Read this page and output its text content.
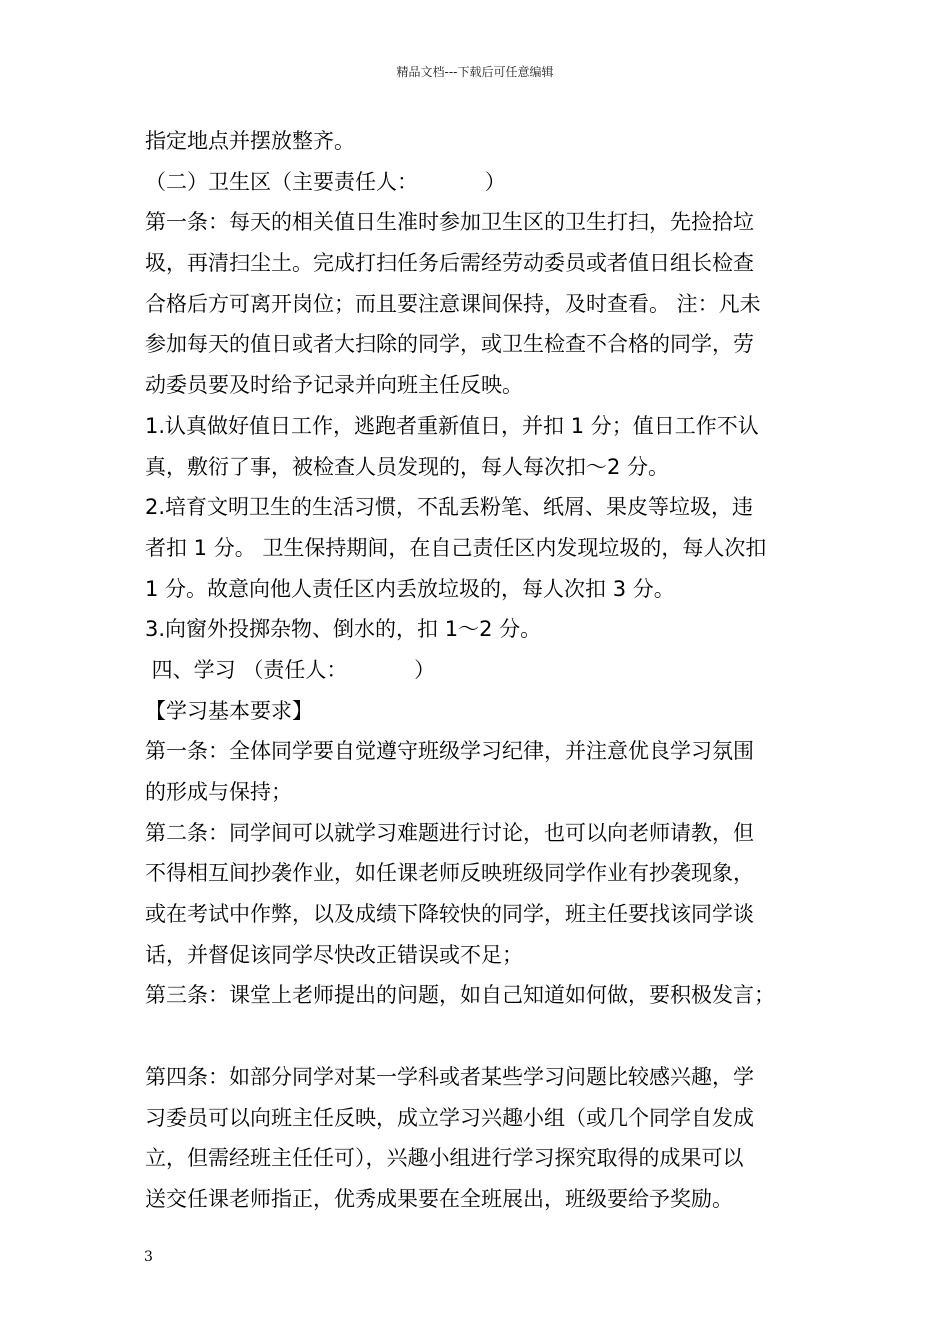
精品文档---下载后可任意编辑
指定地点并摆放整齐。
（二）卫生区（主要责任人：          ）
第一条：每天的相关值日生准时参加卫生区的卫生打扫，先捡拾垃
圾，再清扫尘土。完成打扫任务后需经劳动委员或者值日组长检查
合格后方可离开岗位；而且要注意课间保持，及时查看。 注：凡未
参加每天的值日或者大扫除的同学，或卫生检查不合格的同学，劳
动委员要及时给予记录并向班主任反映。
1.认真做好值日工作，逃跑者重新值日，并扣 1 分；值日工作不认
真，敷衍了事，被检查人员发现的，每人每次扣～2 分。
2.培育文明卫生的生活习惯，不乱丢粉笔、纸屑、果皮等垃圾，违
者扣 1 分。 卫生保持期间，在自己责任区内发现垃圾的，每人次扣
1 分。故意向他人责任区内丢放垃圾的，每人次扣 3 分。
3.向窗外投掷杂物、倒水的，扣 1～2 分。
四、学习 （责任人：          ）
【学习基本要求】
第一条：全体同学要自觉遵守班级学习纪律，并注意优良学习氛围
的形成与保持；
第二条：同学间可以就学习难题进行讨论，也可以向老师请教，但
不得相互间抄袭作业，如任课老师反映班级同学作业有抄袭现象，
或在考试中作弊，以及成绩下降较快的同学，班主任要找该同学谈
话，并督促该同学尽快改正错误或不足；
第三条：课堂上老师提出的问题，如自己知道如何做，要积极发言；
第四条：如部分同学对某一学科或者某些学习问题比较感兴趣，学
习委员可以向班主任反映，成立学习兴趣小组（或几个同学自发成
立，但需经班主任任可），兴趣小组进行学习探究取得的成果可以
送交任课老师指正，优秀成果要在全班展出，班级要给予奖励。
3
